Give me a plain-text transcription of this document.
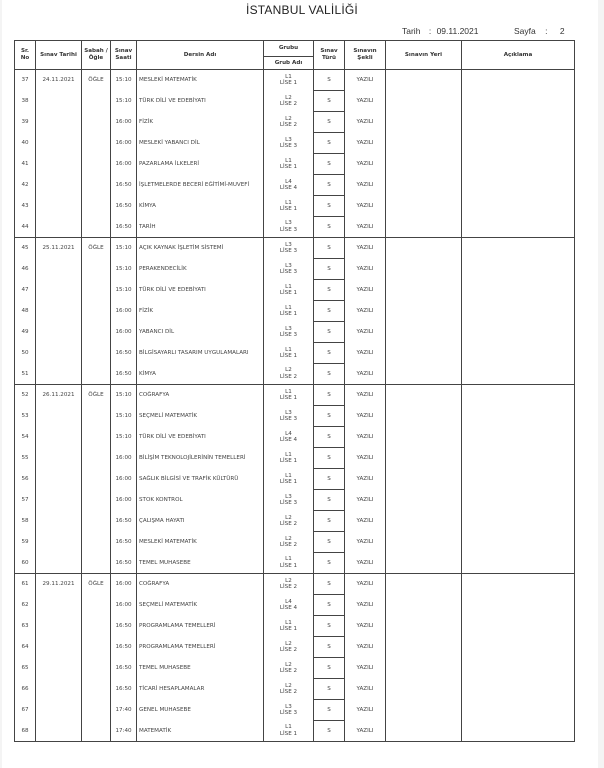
İSTANBUL VALİLİĞİ
Tarih : 09.11.2021	Sayfa : 2
Sr.
No	Sınav Tarihi	Sabah / Öğle	Sınav Saati	Dersin Adı	Grubu	Sınav Türü	Sınavın Şekli	Sınavın Yeri	Açıklama
					Grub Adı				
37	24.11.2021	ÖĞLE	15:10	MESLEKİ MATEMATİK	L1
LİSE 1	S	YAZILI		
38			15:10	TÜRK DİLİ VE EDEBİYATI	L2
LİSE 2	S	YAZILI		
39			16:00	FİZİK	L2
LİSE 2	S	YAZILI		
40			16:00	MESLEKİ YABANCI DİL	L3
LİSE 3	S	YAZILI		
41			16:00	PAZARLAMA İLKELERİ	L1
LİSE 1	S	YAZILI		
42			16:50	İŞLETMELERDE BECERİ EĞİTİMİ-MUVEFİ	L4
LİSE 4	S	YAZILI		
43			16:50	KİMYA	L1
LİSE 1	S	YAZILI		
44			16:50	TARİH	L3
LİSE 3	S	YAZILI		
45	25.11.2021	ÖĞLE	15:10	AÇIK KAYNAK İŞLETİM SİSTEMİ	L3
LİSE 3	S	YAZILI		
46			15:10	PERAKENDECİLİK	L3
LİSE 3	S	YAZILI		
47			15:10	TÜRK DİLİ VE EDEBİYATI	L1
LİSE 1	S	YAZILI		
48			16:00	FİZİK	L1
LİSE 1	S	YAZILI		
49			16:00	YABANCI DİL	L3
LİSE 3	S	YAZILI		
50			16:50	BİLGİSAYARLI TASARIM UYGULAMALARI	L1
LİSE 1	S	YAZILI		
51			16:50	KİMYA	L2
LİSE 2	S	YAZILI		
52	26.11.2021	ÖĞLE	15:10	COĞRAFYA	L1
LİSE 1	S	YAZILI		
53			15:10	SEÇMELİ MATEMATİK	L3
LİSE 3	S	YAZILI		
54			15:10	TÜRK DİLİ VE EDEBİYATI	L4
LİSE 4	S	YAZILI		
55			16:00	BİLİŞİM TEKNOLOJİLERİNİN TEMELLERİ	L1
LİSE 1	S	YAZILI		
56			16:00	SAĞLIK BİLGİSİ VE TRAFİK KÜLTÜRÜ	L1
LİSE 1	S	YAZILI		
57			16:00	STOK KONTROL	L3
LİSE 3	S	YAZILI		
58			16:50	ÇALIŞMA HAYATI	L2
LİSE 2	S	YAZILI		
59			16:50	MESLEKİ MATEMATİK	L2
LİSE 2	S	YAZILI		
60			16:50	TEMEL MUHASEBE	L1
LİSE 1	S	YAZILI		
61	29.11.2021	ÖĞLE	16:00	COĞRAFYA	L2
LİSE 2	S	YAZILI		
62			16:00	SEÇMELİ MATEMATİK	L4
LİSE 4	S	YAZILI		
63			16:50	PROGRAMLAMA TEMELLERİ	L1
LİSE 1	S	YAZILI		
64			16:50	PROGRAMLAMA TEMELLERİ	L2
LİSE 2	S	YAZILI		
65			16:50	TEMEL MUHASEBE	L2
LİSE 2	S	YAZILI		
66			16:50	TİCARİ HESAPLAMALAR	L2
LİSE 2	S	YAZILI		
67			17:40	GENEL MUHASEBE	L3
LİSE 3	S	YAZILI		
68			17:40	MATEMATİK	L1
LİSE 1	S	YAZILI		
